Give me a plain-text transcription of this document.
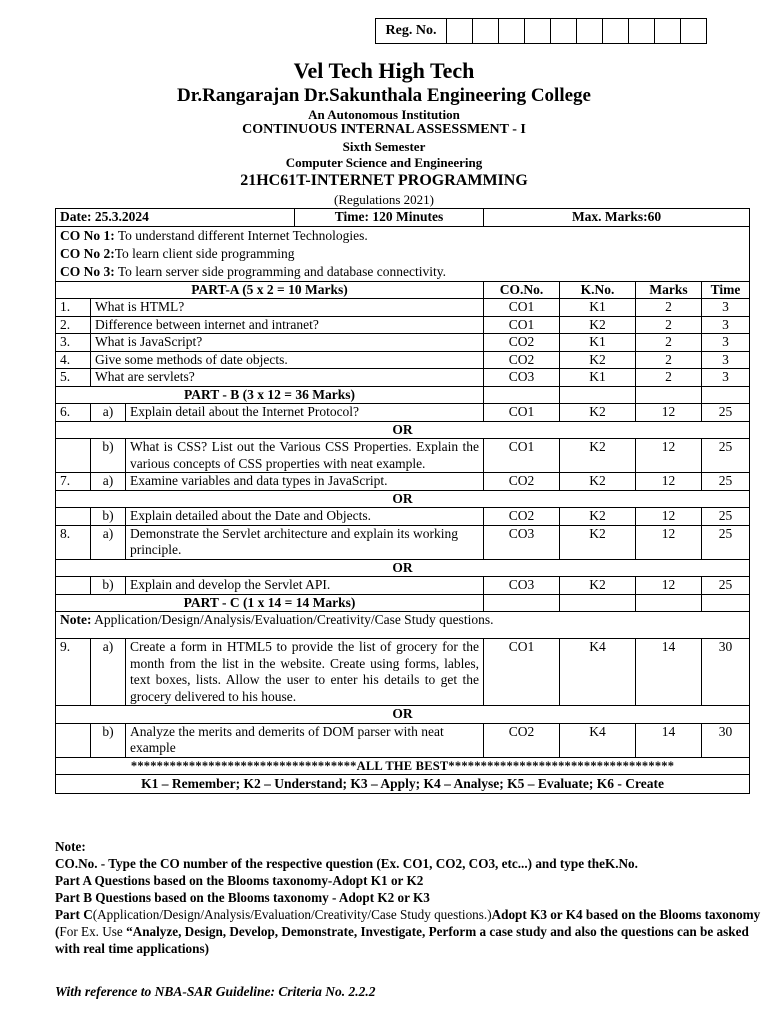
Reg. No.
Vel Tech High Tech
Dr.Rangarajan Dr.Sakunthala Engineering College
An Autonomous Institution
CONTINUOUS INTERNAL ASSESSMENT - I
Sixth Semester
Computer Science and Engineering
21HC61T-INTERNET PROGRAMMING
(Regulations 2021)
Date: 25.3.2024 Time: 120 Minutes			Max. Marks:60			

CO No 1: To understand different Internet Technologies.
CO No 2:To learn client side programming
CO No 3: To learn server side programming and database connectivity.						

PART-A (5 x 2 = 10 Marks)			CO.No.	K.No.	Marks	Time
1.	What is HTML?		CO1	K1	2	3
2.	Difference between internet and intranet?		CO1	K2	2	3
3.	What is JavaScript?		CO2	K1	2	3
4.	Give some methods of date objects.		CO2	K2	2	3
5.	What are servlets?		CO3	K1	2	3
PART - B (3 x 12 = 36 Marks)						
6.	a)	Explain detail about the Internet Protocol?	CO1	K2	12	25
OR						
	b)	What is CSS? List out the Various CSS Properties. Explain the various concepts of CSS properties with neat example.	CO1	K2	12	25
7.	a)	Examine variables and data types in JavaScript.	CO2	K2	12	25
OR						
	b)	Explain detailed about the Date and Objects.	CO2	K2	12	25
8.	a)	Demonstrate the Servlet architecture and explain its working principle.	CO3	K2	12	25
OR						
	b)	Explain and develop the Servlet API.	CO3	K2	12	25
PART - C (1 x 14 = 14 Marks)						
Note: Application/Design/Analysis/Evaluation/Creativity/Case Study questions.						
9.	a)	Create a form in HTML5 to provide the list of grocery for the month from the list in the website. Create using forms, lables, text boxes, lists. Allow the user to enter his details to get the grocery delivered to his house.	CO1	K4	14	30
OR						
	b)	Analyze the merits and demerits of DOM parser with neat example	CO2	K4	14	30
***********************************ALL THE BEST***********************************						
K1 – Remember; K2 – Understand; K3 – Apply; K4 – Analyse; K5 – Evaluate; K6 - Create						
Note:
CO.No. - Type the CO number of the respective question (Ex. CO1, CO2, CO3, etc...) and type theK.No.
Part A Questions based on the Blooms taxonomy-Adopt K1 or K2
Part B Questions based on the Blooms taxonomy - Adopt K2 or K3
Part C(Application/Design/Analysis/Evaluation/Creativity/Case Study questions.)Adopt K3 or K4 based on the Blooms taxonomy (For Ex. Use “Analyze, Design, Develop, Demonstrate, Investigate, Perform a case study and also the questions can be asked with real time applications)
With reference to NBA-SAR Guideline: Criteria No. 2.2.2
